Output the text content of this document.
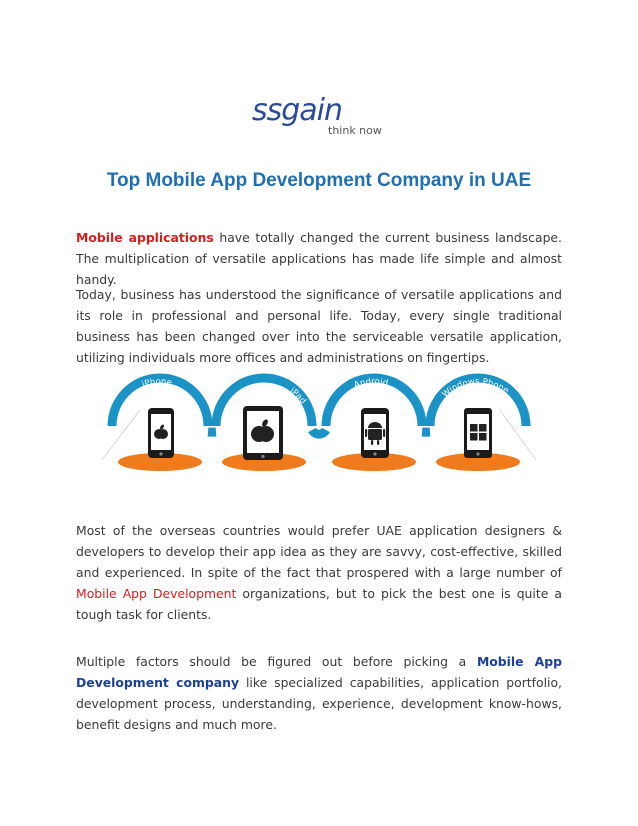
ssgain
think now
Top Mobile App Development Company in UAE

Mobile applications have totally changed the current business landscape. The multiplication of versatile applications has made life simple and almost handy.

Today, business has understood the significance of versatile applications and its role in professional and personal life. Today, every single traditional business has been changed over into the serviceable versatile application, utilizing individuals more offices and administrations on fingertips.

iPhone
iPad
Android
Windows Phone

Most of the overseas countries would prefer UAE application designers & developers to develop their app idea as they are savvy, cost-effective, skilled and experienced. In spite of the fact that prospered with a large number of Mobile App Development organizations, but to pick the best one is quite a tough task for clients.

Multiple factors should be figured out before picking a Mobile App Development company like specialized capabilities, application portfolio, development process, understanding, experience, development know-hows, benefit designs and much more.
